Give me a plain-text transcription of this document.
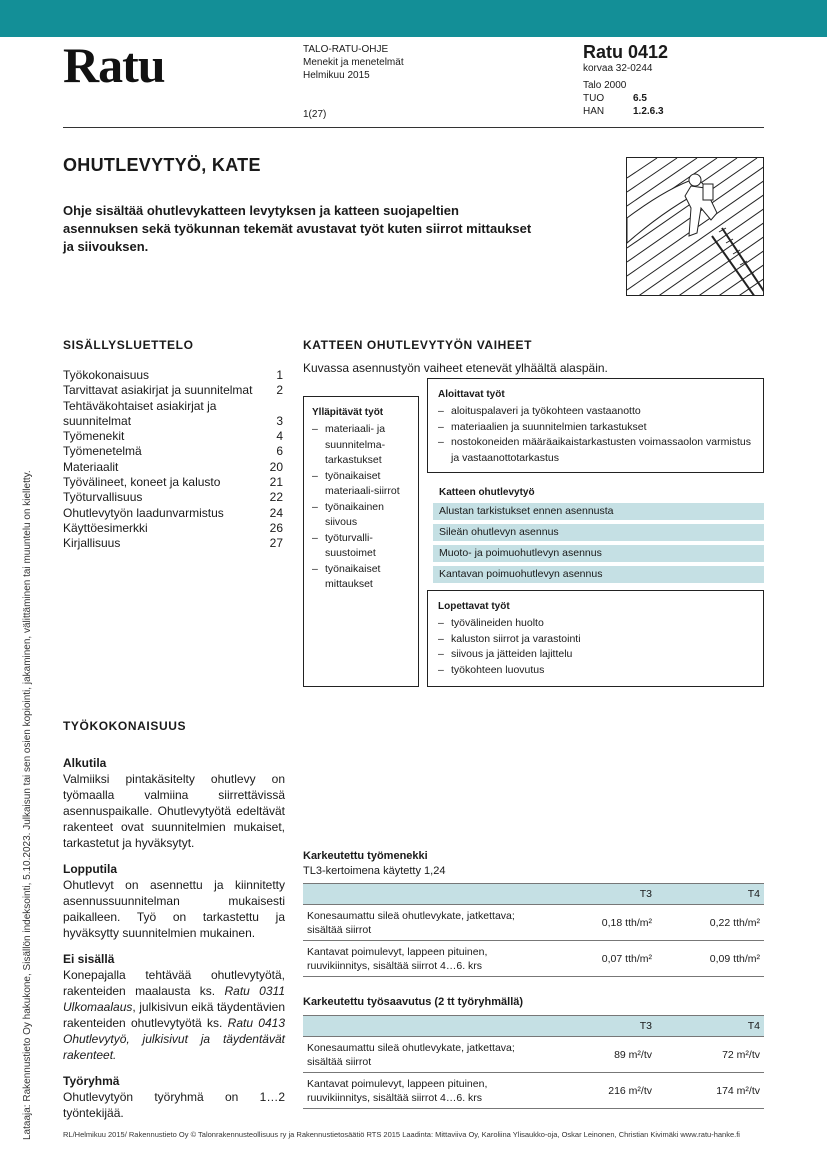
Ratu	TALO-RATU-OHJE
Menekit ja menetelmät
Helmikuu 2015
1(27)
Ratu 0412
korvaa 32-0244
Talo 2000
TUO	6.5
HAN	1.2.6.3
OHUTLEVYTYÖ, KATE

Ohje sisältää ohutlevykatteen levytyksen ja katteen suojapeltien asennuksen sekä työkunnan tekemät avustavat työt kuten siirrot mittaukset ja siivouksen.

Lataaja: Rakennustieto Oy hakukone, Sisällön indeksointi, 5.10.2023. Julkaisun tai sen osien kopiointi, jakaminen, välittäminen tai muuntelu on kielletty.
SISÄLLYSLUETTELO
Työkokonaisuus	1
Tarvittavat asiakirjat ja suunnitelmat	2
Tehtäväkohtaiset asiakirjat ja suunnitelmat	3
Työmenekit	4
Työmenetelmä	6
Materiaalit	20
Työvälineet, koneet ja kalusto	21
Työturvallisuus	22
Ohutlevytyön laadunvarmistus	24
Käyttöesimerkki	26
Kirjallisuus	27
KATTEEN OHUTLEVYTYÖN VAIHEET

Kuvassa asennustyön vaiheet etenevät ylhäältä alaspäin.

Ylläpitävät työt
– materiaali- ja suunnitelma-tarkastukset
– työnaikaiset materiaali-siirrot
– työnaikainen siivous
– työturvalli-suustoimet
– työnaikaiset mittaukset
Aloittavat työt
– aloituspalaveri ja työkohteen vastaanotto
– materiaalien ja suunnitelmien tarkastukset
– nostokoneiden määräaikaistarkastusten voimassaolon varmistus ja vastaanottotarkastus
Katteen ohutlevytyö
Alustan tarkistukset ennen asennusta
Sileän ohutlevyn asennus
Muoto- ja poimuohutlevyn asennus
Kantavan poimuohutlevyn asennus
Lopettavat työt
– työvälineiden huolto
– kaluston siirrot ja varastointi
– siivous ja jätteiden lajittelu
– työkohteen luovutus
TYÖKOKONAISUUS
Alkutila

Valmiiksi pintakäsitelty ohutlevy on työmaalla valmiina siirrettävissä asennuspaikalle. Ohutlevytyötä edeltävät rakenteet ovat suunnitelmien mukaiset, tarkastetut ja hyväksytyt.

Lopputila

Ohutlevyt on asennettu ja kiinnitetty asennussuunnitelman mukaisesti paikalleen. Työ on tarkastettu ja hyväksytty suunnitelmien mukainen.

Ei sisällä

Konepajalla tehtävää ohutlevytyötä, rakenteiden maalausta ks. Ratu 0311 Ulkomaalaus, julkisivun eikä täydentävien rakenteiden ohutlevytyötä ks. Ratu 0413 Ohutlevytyö, julkisivut ja täydentävät rakenteet.

Työryhmä

Ohutlevytyön työryhmä on 1…2 työntekijää.

Karkeutettu työmenekki
TL3-kertoimena käytetty 1,24
	T3	T4
Konesaumattu sileä ohutlevykate, jatkettava; sisältää siirrot	0,18 tth/m²	0,22 tth/m²
Kantavat poimulevyt, lappeen pituinen, ruuvikiinnitys, sisältää siirrot 4…6. krs	0,07 tth/m²	0,09 tth/m²
Karkeutettu työsaavutus (2 tt työryhmällä)
	T3	T4
Konesaumattu sileä ohutlevykate, jatkettava; sisältää siirrot	89 m²/tv	72 m²/tv
Kantavat poimulevyt, lappeen pituinen, ruuvikiinnitys, sisältää siirrot 4…6. krs	216 m²/tv	174 m²/tv
RL/Helmikuu 2015/ Rakennustieto Oy © Talonrakennusteollisuus ry ja Rakennustietosäätiö RTS 2015 Laadinta: Mittaviiva Oy, Karoliina Ylisaukko-oja, Oskar Leinonen, Christian Kivimäki www.ratu-hanke.fi
